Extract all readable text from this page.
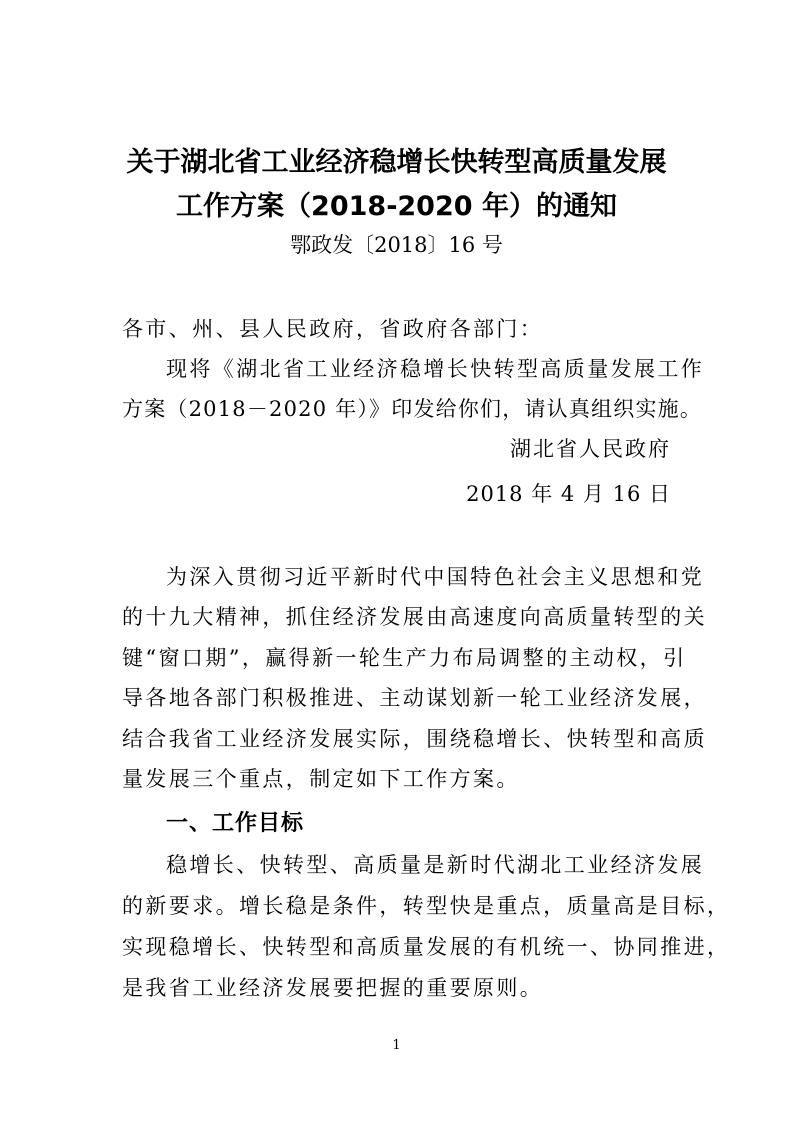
关于湖北省工业经济稳增长快转型高质量发展
工作方案（2018-2020 年）的通知
鄂政发〔2018〕16 号
各市、州、县人民政府，省政府各部门：
现将《湖北省工业经济稳增长快转型高质量发展工作
方案（2018－2020 年）》印发给你们，请认真组织实施。
湖北省人民政府
2018 年 4 月 16 日
为深入贯彻习近平新时代中国特色社会主义思想和党
的十九大精神，抓住经济发展由高速度向高质量转型的关
键“窗口期”，赢得新一轮生产力布局调整的主动权，引
导各地各部门积极推进、主动谋划新一轮工业经济发展，
结合我省工业经济发展实际，围绕稳增长、快转型和高质
量发展三个重点，制定如下工作方案。
一、工作目标
稳增长、快转型、高质量是新时代湖北工业经济发展
的新要求。增长稳是条件，转型快是重点，质量高是目标，
实现稳增长、快转型和高质量发展的有机统一、协同推进，
是我省工业经济发展要把握的重要原则。
1
